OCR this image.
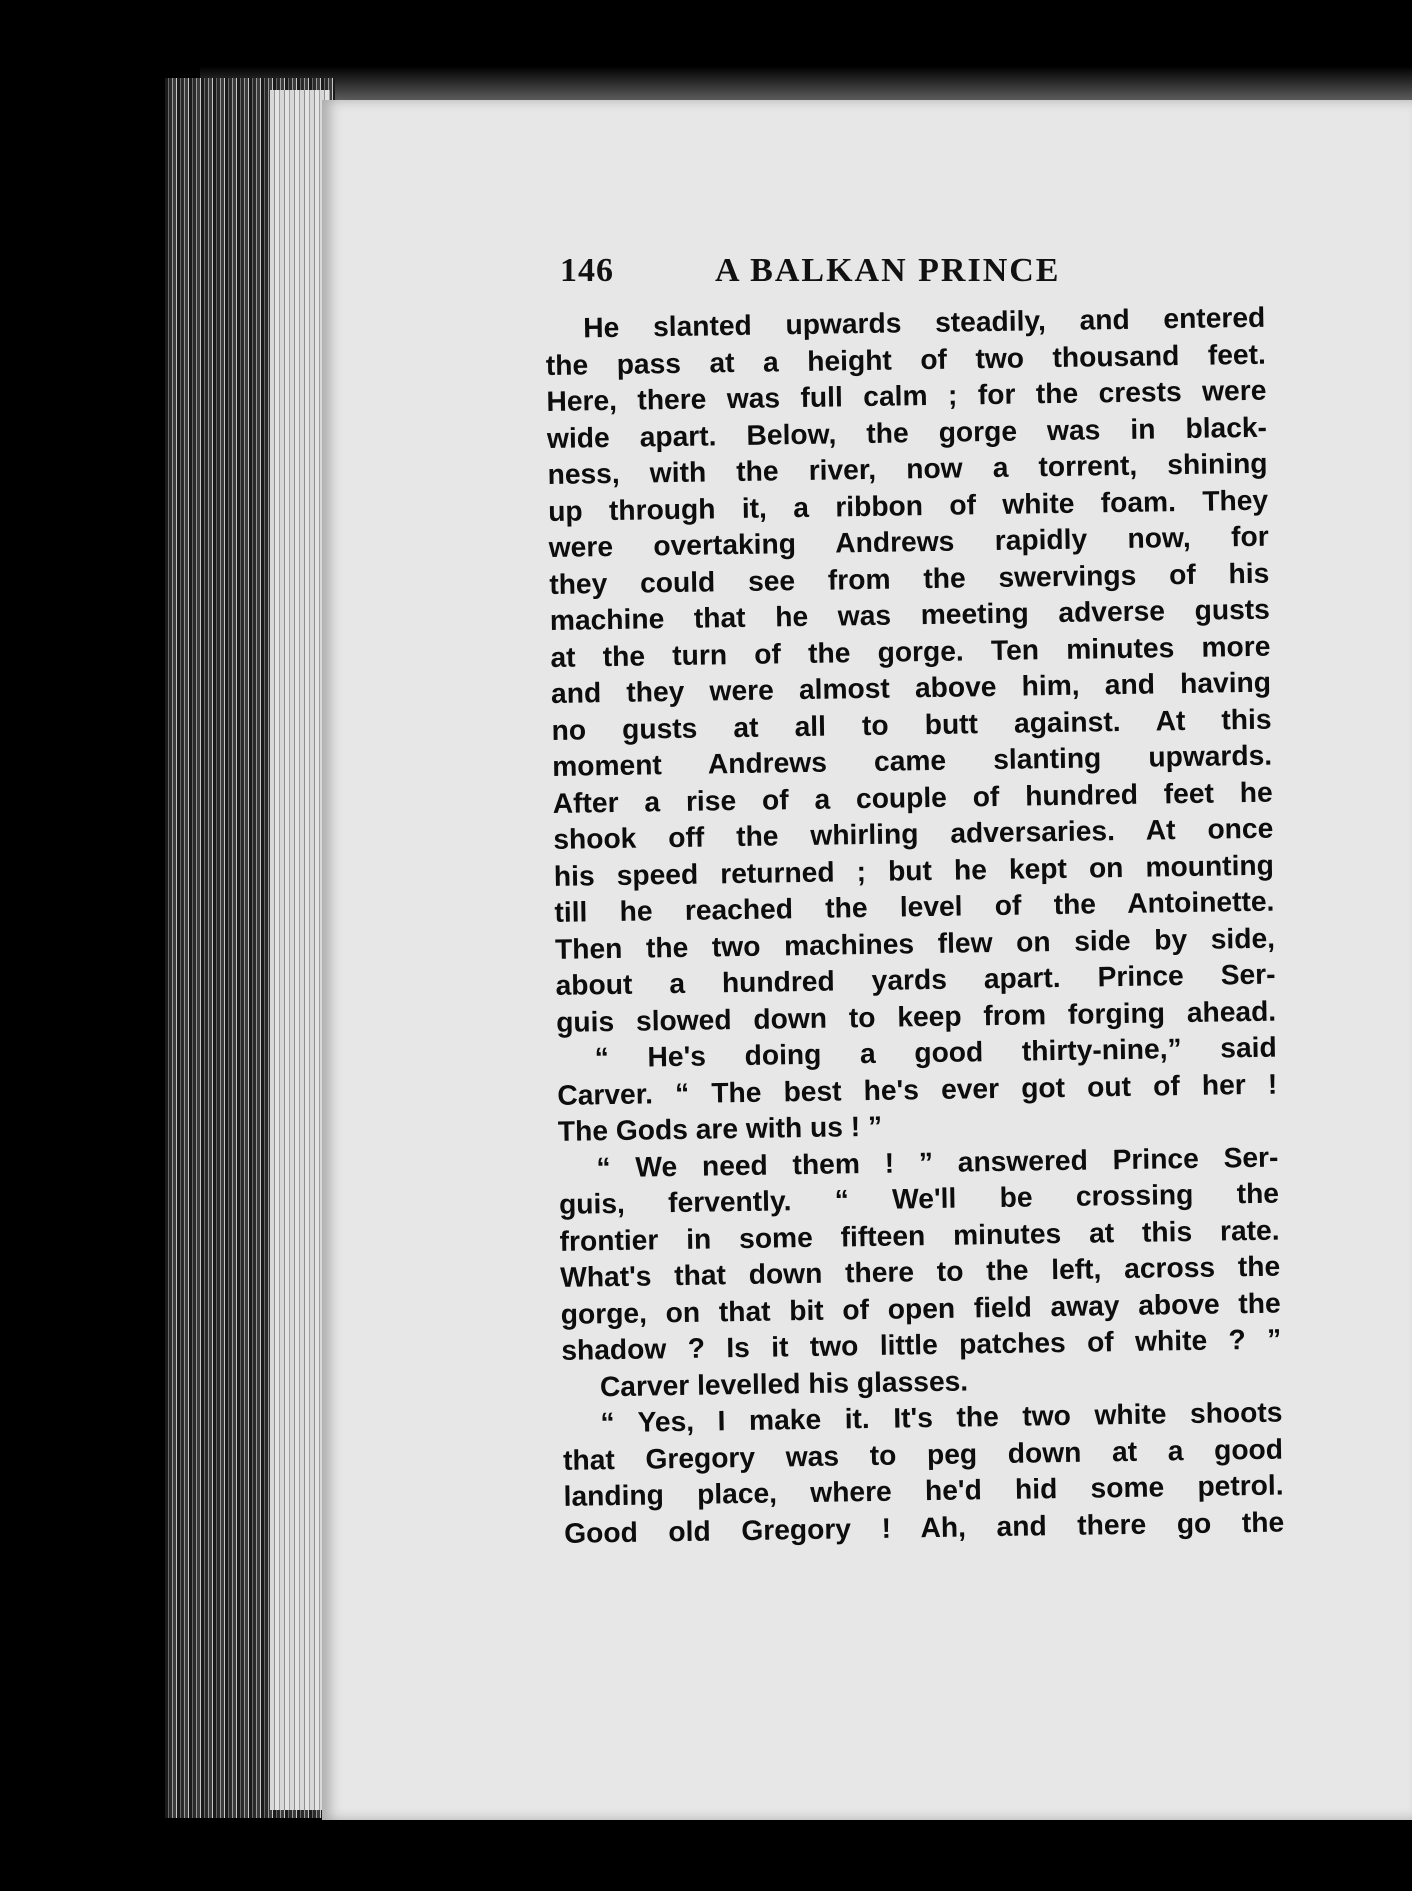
146	A BALKAN PRINCE
He slanted upwards steadily, and entered
the pass at a height of two thousand feet.
Here, there was full calm ; for the crests were
wide apart. Below, the gorge was in black-
ness, with the river, now a torrent, shining
up through it, a ribbon of white foam. They
were overtaking Andrews rapidly now, for
they could see from the swervings of his
machine that he was meeting adverse gusts
at the turn of the gorge. Ten minutes more
and they were almost above him, and having
no gusts at all to butt against. At this
moment Andrews came slanting upwards.
After a rise of a couple of hundred feet he
shook off the whirling adversaries. At once
his speed returned ; but he kept on mounting
till he reached the level of the Antoinette.
Then the two machines flew on side by side,
about a hundred yards apart. Prince Ser-
guis slowed down to keep from forging ahead.
“ He's doing a good thirty-nine,” said
Carver. “ The best he's ever got out of her !
The Gods are with us ! ”
“ We need them ! ” answered Prince Ser-
guis, fervently. “ We'll be crossing the
frontier in some fifteen minutes at this rate.
What's that down there to the left, across the
gorge, on that bit of open field away above the
shadow ? Is it two little patches of white ? ”
Carver levelled his glasses.
“ Yes, I make it. It's the two white shoots
that Gregory was to peg down at a good
landing place, where he'd hid some petrol.
Good old Gregory ! Ah, and there go the
